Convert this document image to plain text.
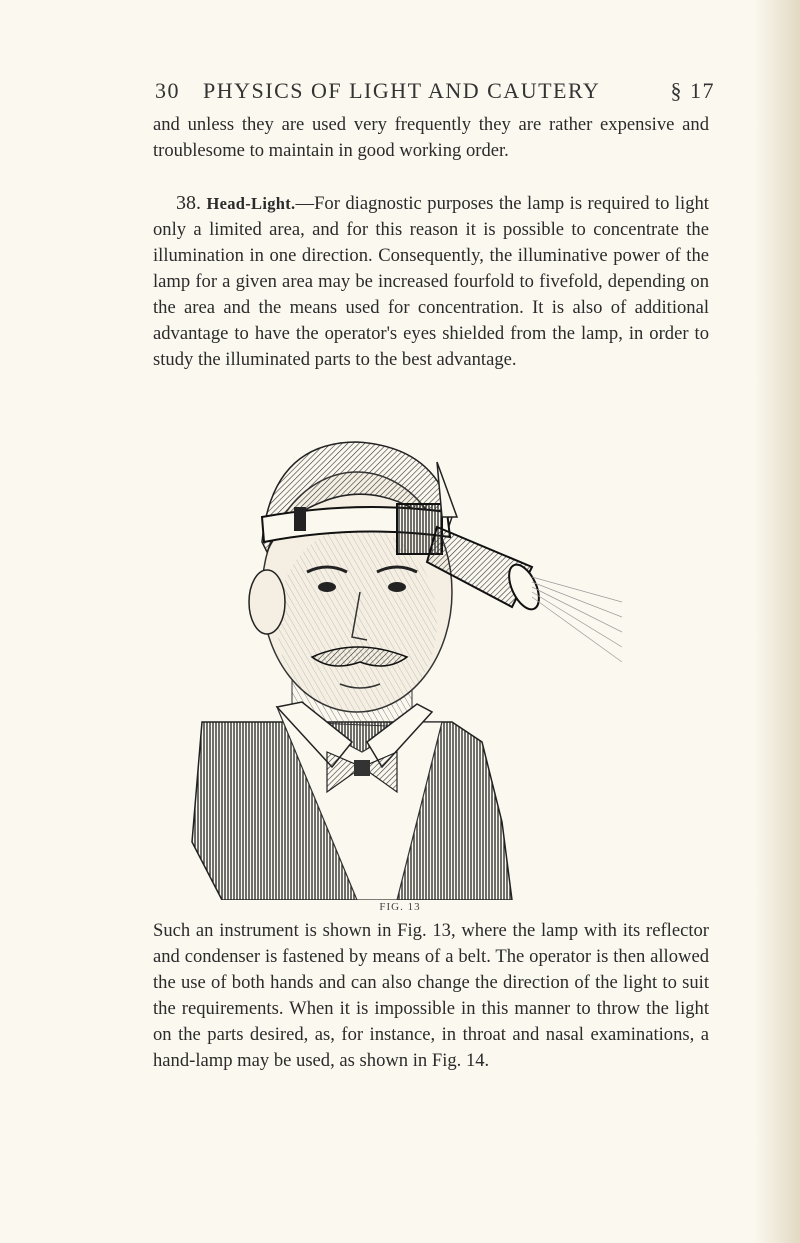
30 PHYSICS OF LIGHT AND CAUTERY	§ 17

and unless they are used very frequently they are rather expensive and troublesome to maintain in good working order.

38. Head-Light.—For diagnostic purposes the lamp is required to light only a limited area, and for this reason it is possible to concentrate the illumination in one direction. Consequently, the illuminative power of the lamp for a given area may be increased fourfold to fivefold, depending on the area and the means used for concentration. It is also of additional advantage to have the operator's eyes shielded from the lamp, in order to study the illuminated parts to the best advantage.

FIG. 13

Such an instrument is shown in Fig. 13, where the lamp with its reflector and condenser is fastened by means of a belt. The operator is then allowed the use of both hands and can also change the direction of the light to suit the requirements. When it is impossible in this manner to throw the light on the parts desired, as, for instance, in throat and nasal examinations, a hand-lamp may be used, as shown in Fig. 14.
